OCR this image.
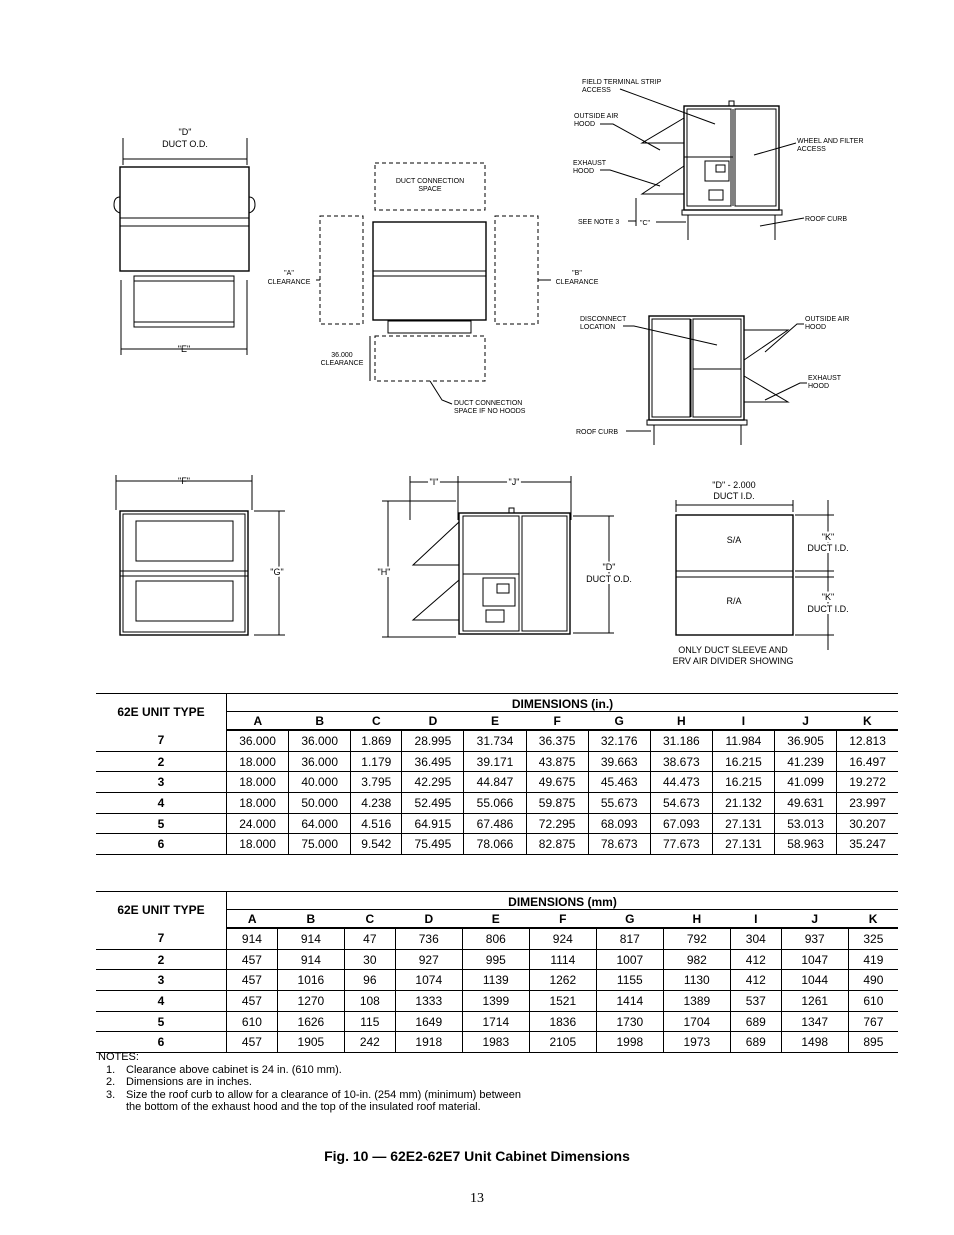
"D"
DUCT O.D.
"E"
DUCT CONNECTION
SPACE
"A"
CLEARANCE
"B"
CLEARANCE
36.000
CLEARANCE
DUCT CONNECTION
SPACE IF NO HOODS
FIELD TERMINAL STRIP
ACCESS
OUTSIDE AIR
HOOD
WHEEL AND FILTER
ACCESS
EXHAUST
HOOD
SEE NOTE 3	"C"
ROOF CURB
DISCONNECT
LOCATION
OUTSIDE AIR
HOOD
EXHAUST
HOOD
ROOF CURB
"F"
"G"
"I"	"J"
"H"	"D"
DUCT O.D.
"D" - 2.000
DUCT I.D.
S/A
R/A
"K"
DUCT I.D.
"K"
DUCT I.D.
ONLY DUCT SLEEVE AND
ERV AIR DIVIDER SHOWING
62E UNIT TYPE	DIMENSIONS (in.)										
	A	B	C	D	E	F	G	H	I	J	K
7	36.000	36.000	1.869	28.995	31.734	36.375	32.176	31.186	11.984	36.905	12.813
2	18.000	36.000	1.179	36.495	39.171	43.875	39.663	38.673	16.215	41.239	16.497
3	18.000	40.000	3.795	42.295	44.847	49.675	45.463	44.473	16.215	41.099	19.272
4	18.000	50.000	4.238	52.495	55.066	59.875	55.673	54.673	21.132	49.631	23.997
5	24.000	64.000	4.516	64.915	67.486	72.295	68.093	67.093	27.131	53.013	30.207
6	18.000	75.000	9.542	75.495	78.066	82.875	78.673	77.673	27.131	58.963	35.247
62E UNIT TYPE	DIMENSIONS (mm)										
	A	B	C	D	E	F	G	H	I	J	K
7	914	914	47	736	806	924	817	792	304	937	325
2	457	914	30	927	995	1114	1007	982	412	1047	419
3	457	1016	96	1074	1139	1262	1155	1130	412	1044	490
4	457	1270	108	1333	1399	1521	1414	1389	537	1261	610
5	610	1626	115	1649	1714	1836	1730	1704	689	1347	767
6	457	1905	242	1918	1983	2105	1998	1973	689	1498	895
NOTES:
1. Clearance above cabinet is 24 in. (610 mm).
2. Dimensions are in inches.
3. Size the roof curb to allow for a clearance of 10-in. (254 mm) (minimum) between
the bottom of the exhaust hood and the top of the insulated roof material.
Fig. 10 — 62E2-62E7 Unit Cabinet Dimensions
13
